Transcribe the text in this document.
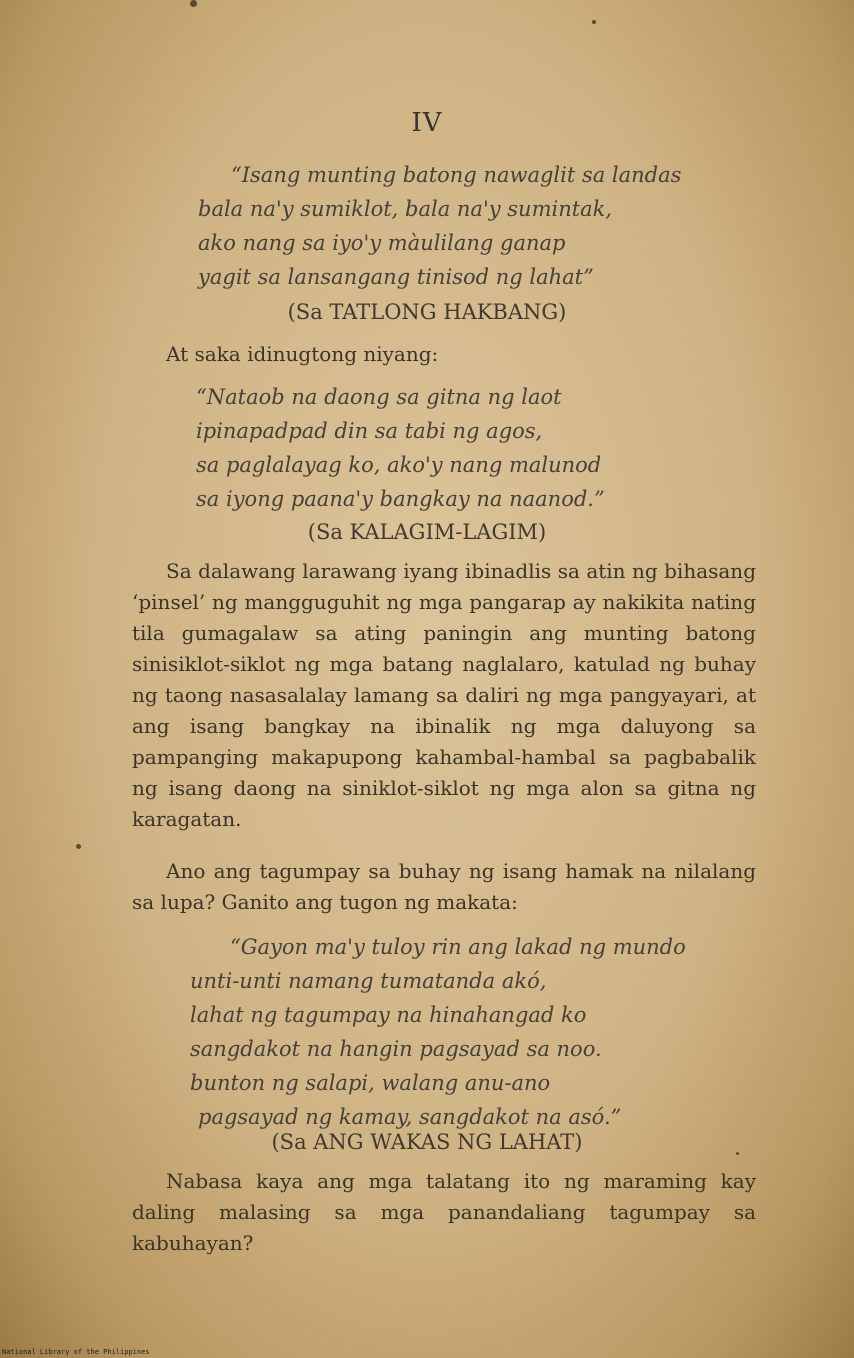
IV
“Isang munting batong nawaglit sa landas
bala na'y sumiklot, bala na'y sumintak,
ako nang sa iyo'y màulilang ganap
yagit sa lansangang tinisod ng lahat”
(Sa TATLONG HAKBANG)
At saka idinugtong niyang:
“Nataob na daong sa gitna ng laot
ipinapadpad din sa tabi ng agos,
sa paglalayag ko, ako'y nang malunod
sa iyong paana'y bangkay na naanod.”
(Sa KALAGIM-LAGIM)

Sa dalawang larawang iyang ibinadlis sa atin ng bihasang ‘pinsel’ ng mangguguhit ng mga pangarap ay nakikita nating tila gumagalaw sa ating paningin ang munting batong sinisiklot-siklot ng mga batang naglalaro, katulad ng buhay ng taong nasasalalay lamang sa daliri ng mga pangyayari, at ang isang bangkay na ibinalik ng mga daluyong sa pampanging makapupong kahambal-hambal sa pagbabalik ng isang daong na siniklot-siklot ng mga alon sa gitna ng karagatan.

Ano ang tagumpay sa buhay ng isang hamak na nilalang sa lupa? Ganito ang tugon ng makata:

“Gayon ma'y tuloy rin ang lakad ng mundo
unti-unti namang tumatanda akó,
lahat ng tagumpay na hinahangad ko
sangdakot na hangin pagsayad sa noo.
bunton ng salapi, walang anu-ano
pagsayad ng kamay, sangdakot na asó.”
(Sa ANG WAKAS NG LAHAT)

Nabasa kaya ang mga talatang ito ng maraming kay daling malasing sa mga panandaliang tagumpay sa kabuhayan?

National Library of the Philippines
